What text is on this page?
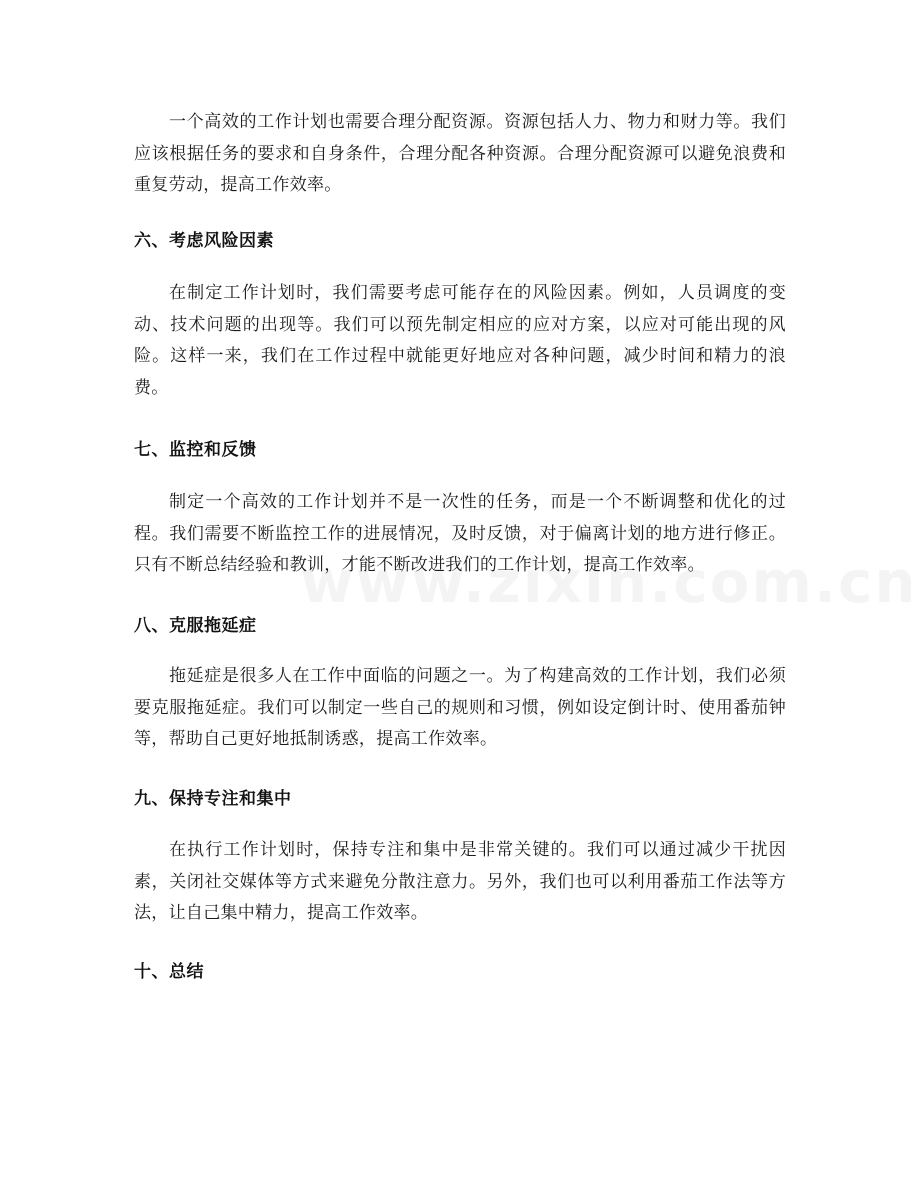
一个高效的工作计划也需要合理分配资源。资源包括人力、物力和财力等。我们应该根据任务的要求和自身条件，合理分配各种资源。合理分配资源可以避免浪费和重复劳动，提高工作效率。

六、考虑风险因素

在制定工作计划时，我们需要考虑可能存在的风险因素。例如，人员调度的变动、技术问题的出现等。我们可以预先制定相应的应对方案，以应对可能出现的风险。这样一来，我们在工作过程中就能更好地应对各种问题，减少时间和精力的浪费。

七、监控和反馈

制定一个高效的工作计划并不是一次性的任务，而是一个不断调整和优化的过程。我们需要不断监控工作的进展情况，及时反馈，对于偏离计划的地方进行修正。只有不断总结经验和教训，才能不断改进我们的工作计划，提高工作效率。

八、克服拖延症

拖延症是很多人在工作中面临的问题之一。为了构建高效的工作计划，我们必须要克服拖延症。我们可以制定一些自己的规则和习惯，例如设定倒计时、使用番茄钟等，帮助自己更好地抵制诱惑，提高工作效率。

九、保持专注和集中

在执行工作计划时，保持专注和集中是非常关键的。我们可以通过减少干扰因素，关闭社交媒体等方式来避免分散注意力。另外，我们也可以利用番茄工作法等方法，让自己集中精力，提高工作效率。

十、总结
